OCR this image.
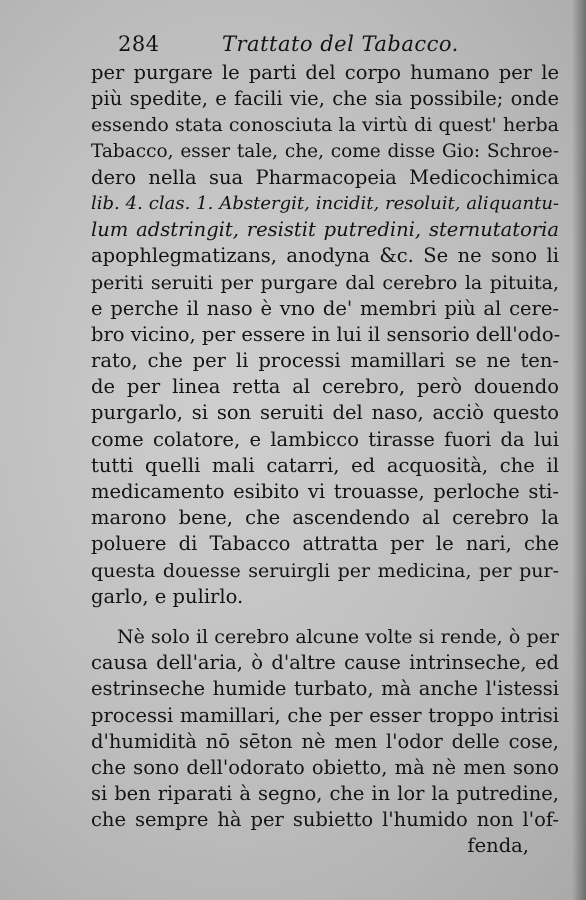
284	Trattato del Tabacco.
per purgare le parti del corpo humano per le
più spedite, e facili vie, che sia possibile; onde
essendo stata conosciuta la virtù di quest' herba
Tabacco, esser tale, che, come disse Gio: Schroe-
dero nella sua Pharmacopeia Medicochimica
lib. 4. clas. 1. Abstergit, incidit, resoluit, aliquantu-
lum adstringit, resistit putredini, sternutatoria
apophlegmatizans, anodyna &c. Se ne sono li
periti seruiti per purgare dal cerebro la pituita,
e perche il naso è vno de' membri più al cere-
bro vicino, per essere in lui il sensorio dell'odo-
rato, che per li processi mamillari se ne ten-
de per linea retta al cerebro, però douendo
purgarlo, si son seruiti del naso, acciò questo
come colatore, e lambicco tirasse fuori da lui
tutti quelli mali catarri, ed acquosità, che il
medicamento esibito vi trouasse, perloche sti-
marono bene, che ascendendo al cerebro la
poluere di Tabacco attratta per le nari, che
questa douesse seruirgli per medicina, per pur-
garlo, e pulirlo.
Nè solo il cerebro alcune volte si rende, ò per
causa dell'aria, ò d'altre cause intrinseche, ed
estrinseche humide turbato, mà anche l'istessi
processi mamillari, che per esser troppo intrisi
d'humidità nō sēton nè men l'odor delle cose,
che sono dell'odorato obietto, mà nè men sono
si ben riparati à segno, che in lor la putredine,
che sempre hà per subietto l'humido non l'of-
fenda,
